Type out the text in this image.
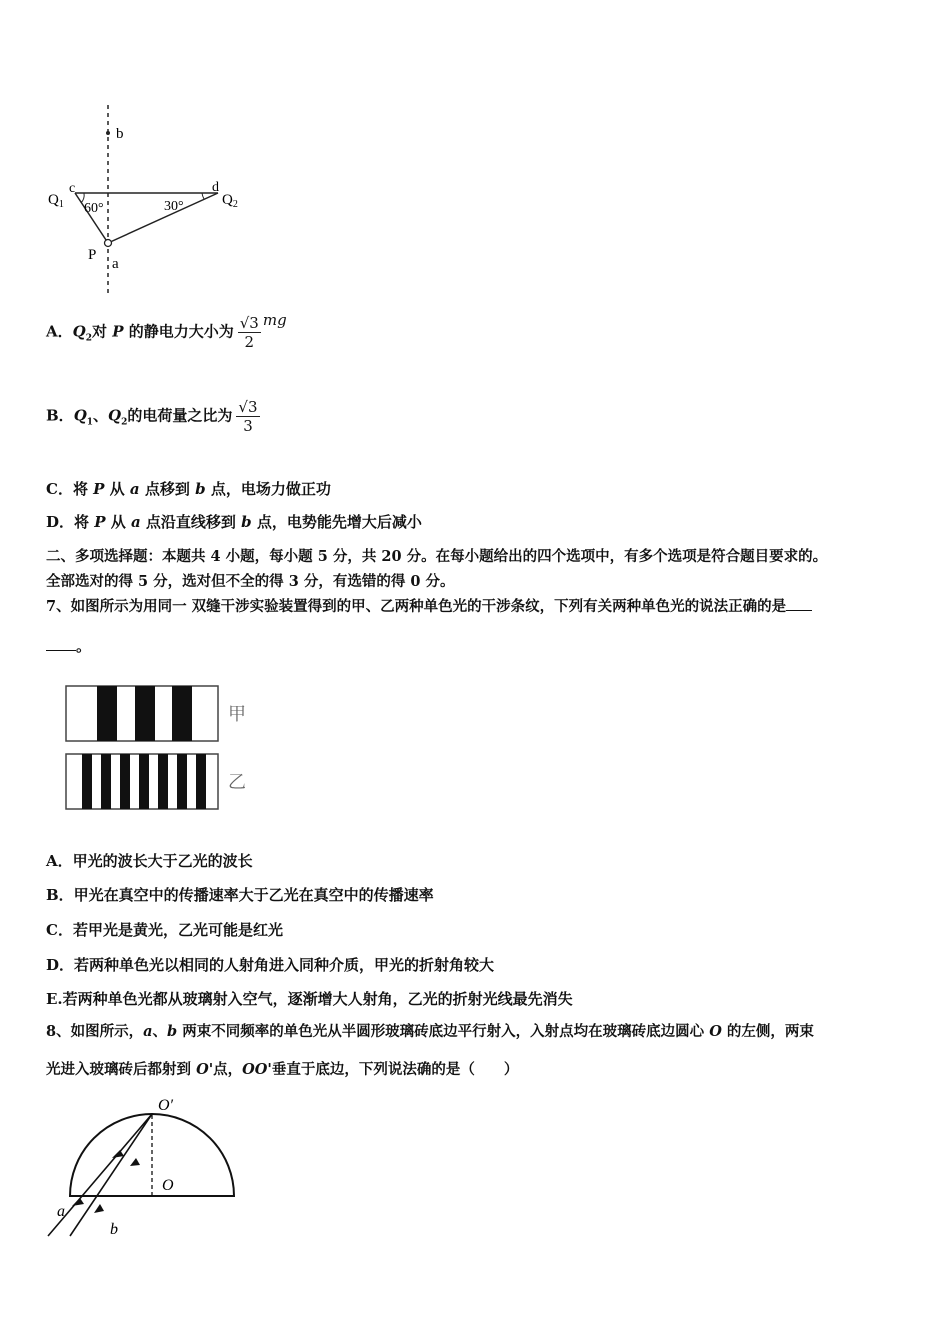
b
c	d
$Q_1$	$Q_2$
60°	30°
P
a
A．$Q_2$对 P 的静电力大小为 $\frac{√3}{2}$ mg
B．$Q_1$、$Q_2$的电荷量之比为 $\frac{√3}{3}$
C．将 P 从 a 点移到 b 点，电场力做正功
D．将 P 从 a 点沿直线移到 b 点，电势能先增大后减小
二、多项选择题：本题共 4 小题，每小题 5 分，共 20 分。在每小题给出的四个选项中，有多个选项是符合题目要求的。
全部选对的得 5 分，选对但不全的得 3 分，有选错的得 0 分。
7、如图所示为用同一 双缝干涉实验装置得到的甲、乙两种单色光的干涉条纹，下列有关两种单色光的说法正确的是
。
甲
乙
A．甲光的波长大于乙光的波长
B．甲光在真空中的传播速率大于乙光在真空中的传播速率
C．若甲光是黄光，乙光可能是红光
D．若两种单色光以相同的人射角进入同种介质，甲光的折射角较大
E.若两种单色光都从玻璃射入空气，逐渐增大人射角，乙光的折射光线最先消失
8、如图所示，a、b 两束不同频率的单色光从半圆形玻璃砖底边平行射入，入射点均在玻璃砖底边圆心 O 的左侧，两束
光进入玻璃砖后都射到 O'点，OO'垂直于底边，下列说法确的是（　　）
O′
O
a
b
